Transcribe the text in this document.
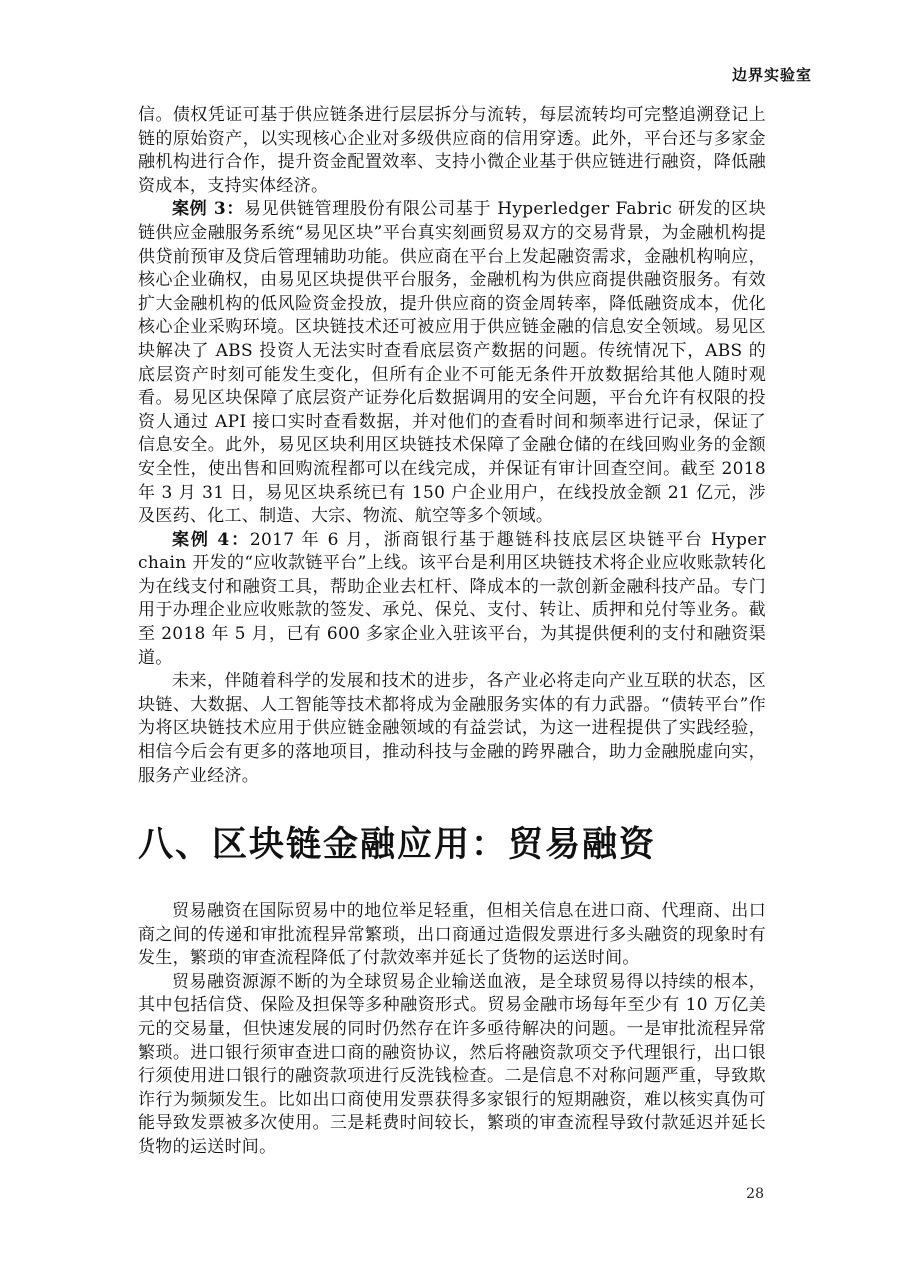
边界实验室

信。债权凭证可基于供应链条进行层层拆分与流转，每层流转均可完整追溯登记上链的原始资产，以实现核心企业对多级供应商的信用穿透。此外，平台还与多家金融机构进行合作，提升资金配置效率、支持小微企业基于供应链进行融资，降低融资成本，支持实体经济。

案例 3：易见供链管理股份有限公司基于 Hyperledger Fabric 研发的区块链供应金融服务系统“易见区块”平台真实刻画贸易双方的交易背景，为金融机构提供贷前预审及贷后管理辅助功能。供应商在平台上发起融资需求，金融机构响应，核心企业确权，由易见区块提供平台服务，金融机构为供应商提供融资服务。有效扩大金融机构的低风险资金投放，提升供应商的资金周转率，降低融资成本，优化核心企业采购环境。区块链技术还可被应用于供应链金融的信息安全领域。易见区块解决了 ABS 投资人无法实时查看底层资产数据的问题。传统情况下，ABS 的底层资产时刻可能发生变化，但所有企业不可能无条件开放数据给其他人随时观看。易见区块保障了底层资产证券化后数据调用的安全问题，平台允许有权限的投资人通过 API 接口实时查看数据，并对他们的查看时间和频率进行记录，保证了信息安全。此外，易见区块利用区块链技术保障了金融仓储的在线回购业务的金额安全性，使出售和回购流程都可以在线完成，并保证有审计回查空间。截至 2018 年 3 月 31 日，易见区块系统已有 150 户企业用户，在线投放金额 21 亿元，涉及医药、化工、制造、大宗、物流、航空等多个领域。

案例 4：2017 年 6 月，浙商银行基于趣链科技底层区块链平台 Hyper chain 开发的“应收款链平台”上线。该平台是利用区块链技术将企业应收账款转化为在线支付和融资工具，帮助企业去杠杆、降成本的一款创新金融科技产品。专门用于办理企业应收账款的签发、承兑、保兑、支付、转让、质押和兑付等业务。截至 2018 年 5 月，已有 600 多家企业入驻该平台，为其提供便利的支付和融资渠道。

未来，伴随着科学的发展和技术的进步，各产业必将走向产业互联的状态，区块链、大数据、人工智能等技术都将成为金融服务实体的有力武器。“债转平台”作为将区块链技术应用于供应链金融领域的有益尝试，为这一进程提供了实践经验，相信今后会有更多的落地项目，推动科技与金融的跨界融合，助力金融脱虚向实，服务产业经济。

八、区块链金融应用：贸易融资

贸易融资在国际贸易中的地位举足轻重，但相关信息在进口商、代理商、出口商之间的传递和审批流程异常繁琐，出口商通过造假发票进行多头融资的现象时有发生，繁琐的审查流程降低了付款效率并延长了货物的运送时间。

贸易融资源源不断的为全球贸易企业输送血液，是全球贸易得以持续的根本，其中包括信贷、保险及担保等多种融资形式。贸易金融市场每年至少有 10 万亿美元的交易量，但快速发展的同时仍然存在许多亟待解决的问题。一是审批流程异常繁琐。进口银行须审查进口商的融资协议，然后将融资款项交予代理银行，出口银行须使用进口银行的融资款项进行反洗钱检查。二是信息不对称问题严重，导致欺诈行为频频发生。比如出口商使用发票获得多家银行的短期融资，难以核实真伪可能导致发票被多次使用。三是耗费时间较长，繁琐的审查流程导致付款延迟并延长货物的运送时间。

28
